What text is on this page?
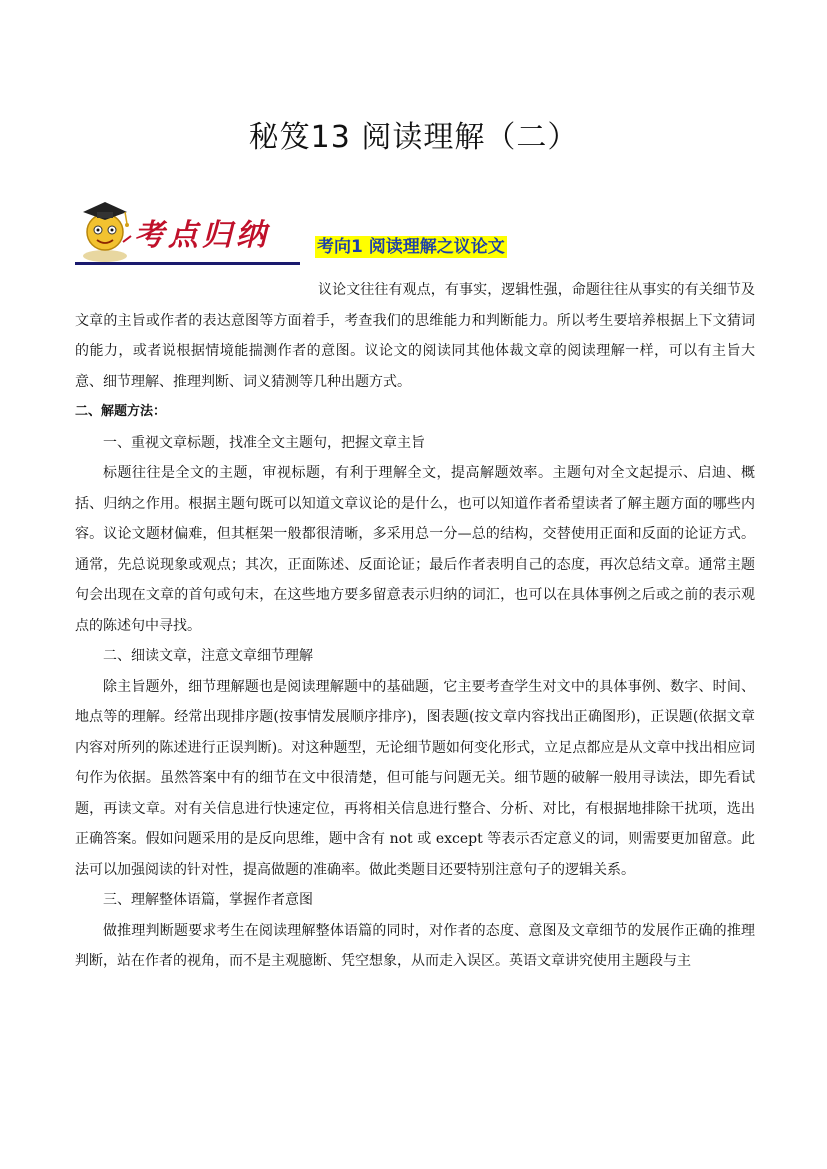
秘笈13 阅读理解（二）
考点归纳	考向1 阅读理解之议论文

议论文往往有观点，有事实，逻辑性强，命题往往从事实的有关细节及文章的主旨或作者的表达意图等方面着手，考查我们的思维能力和判断能力。所以考生要培养根据上下文猜词的能力，或者说根据情境能揣测作者的意图。议论文的阅读同其他体裁文章的阅读理解一样，可以有主旨大意、细节理解、推理判断、词义猜测等几种出题方式。

二、解题方法：

一、重视文章标题，找准全文主题句，把握文章主旨

标题往往是全文的主题，审视标题，有利于理解全文，提高解题效率。主题句对全文起提示、启迪、概括、归纳之作用。根据主题句既可以知道文章议论的是什么，也可以知道作者希望读者了解主题方面的哪些内容。议论文题材偏难，但其框架一般都很清晰，多采用总一分—总的结构，交替使用正面和反面的论证方式。通常，先总说现象或观点；其次，正面陈述、反面论证；最后作者表明自己的态度，再次总结文章。通常主题句会出现在文章的首句或句末，在这些地方要多留意表示归纳的词汇，也可以在具体事例之后或之前的表示观点的陈述句中寻找。

二、细读文章，注意文章细节理解

除主旨题外，细节理解题也是阅读理解题中的基础题，它主要考查学生对文中的具体事例、数字、时间、地点等的理解。经常出现排序题(按事情发展顺序排序)，图表题(按文章内容找出正确图形)，正误题(依据文章内容对所列的陈述进行正误判断)。对这种题型，无论细节题如何变化形式，立足点都应是从文章中找出相应词句作为依据。虽然答案中有的细节在文中很清楚，但可能与问题无关。细节题的破解一般用寻读法，即先看试题，再读文章。对有关信息进行快速定位，再将相关信息进行整合、分析、对比，有根据地排除干扰项，选出正确答案。假如问题采用的是反向思维，题中含有 not 或 except 等表示否定意义的词，则需要更加留意。此法可以加强阅读的针对性，提高做题的准确率。做此类题目还要特别注意句子的逻辑关系。

三、理解整体语篇，掌握作者意图

做推理判断题要求考生在阅读理解整体语篇的同时，对作者的态度、意图及文章细节的发展作正确的推理判断，站在作者的视角，而不是主观臆断、凭空想象，从而走入误区。英语文章讲究使用主题段与主
